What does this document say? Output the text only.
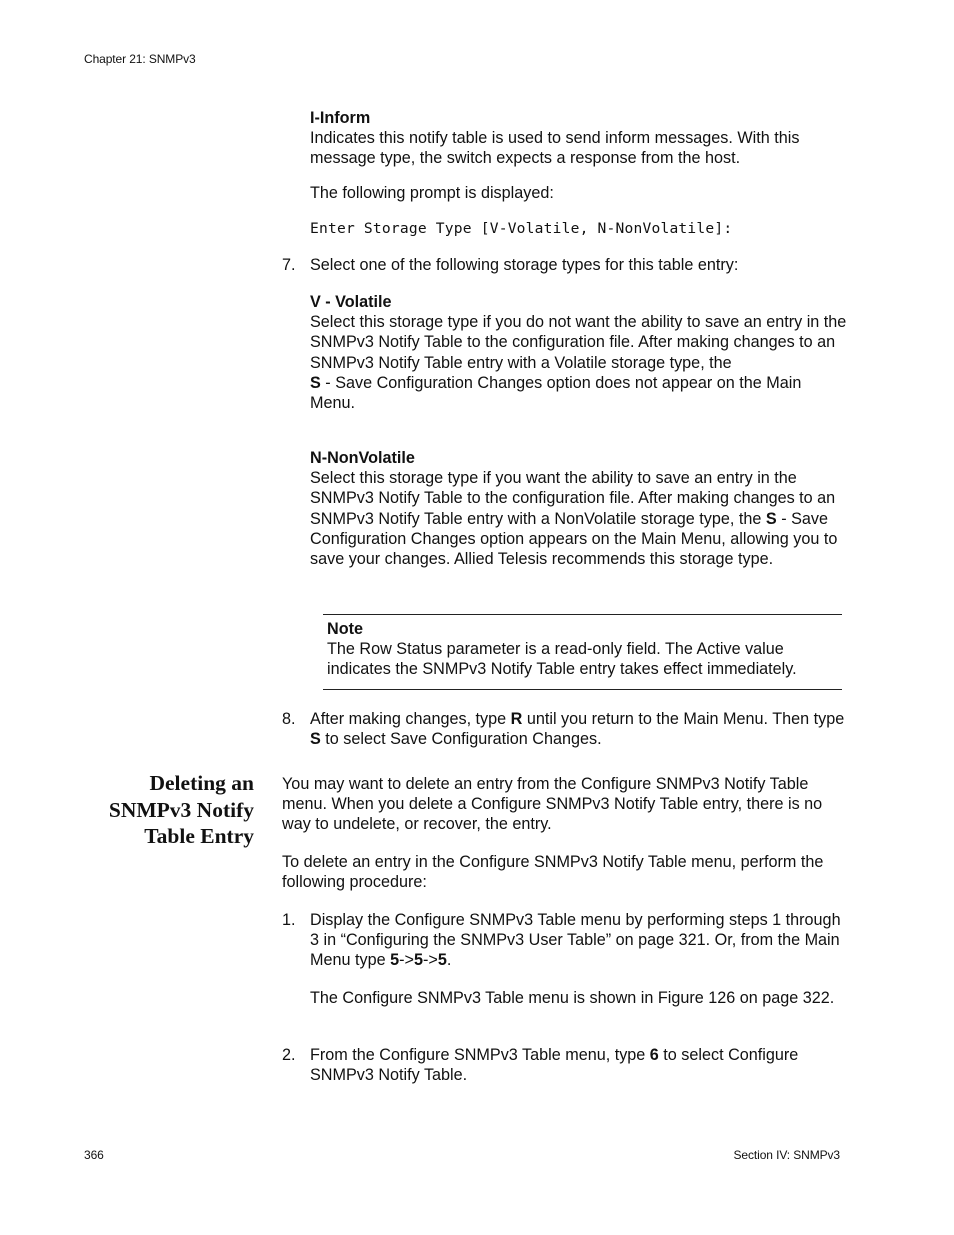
Chapter 21: SNMPv3
I-Inform
Indicates this notify table is used to send inform messages. With this message type, the switch expects a response from the host.
The following prompt is displayed:
Enter Storage Type [V-Volatile, N-NonVolatile]:
7. Select one of the following storage types for this table entry:
V - Volatile
Select this storage type if you do not want the ability to save an entry in the SNMPv3 Notify Table to the configuration file. After making changes to an SNMPv3 Notify Table entry with a Volatile storage type, the
S - Save Configuration Changes option does not appear on the Main Menu.
N-NonVolatile
Select this storage type if you want the ability to save an entry in the SNMPv3 Notify Table to the configuration file. After making changes to an SNMPv3 Notify Table entry with a NonVolatile storage type, the S - Save Configuration Changes option appears on the Main Menu, allowing you to save your changes. Allied Telesis recommends this storage type.
Note
The Row Status parameter is a read-only field. The Active value indicates the SNMPv3 Notify Table entry takes effect immediately.
8. After making changes, type R until you return to the Main Menu. Then type S to select Save Configuration Changes.
Deleting an
SNMPv3 Notify
Table Entry
You may want to delete an entry from the Configure SNMPv3 Notify Table menu. When you delete a Configure SNMPv3 Notify Table entry, there is no way to undelete, or recover, the entry.
To delete an entry in the Configure SNMPv3 Notify Table menu, perform the following procedure:
1. Display the Configure SNMPv3 Table menu by performing steps 1 through 3 in “Configuring the SNMPv3 User Table” on page 321. Or, from the Main Menu type 5->5->5.
The Configure SNMPv3 Table menu is shown in Figure 126 on page 322.
2. From the Configure SNMPv3 Table menu, type 6 to select Configure SNMPv3 Notify Table.
366	Section IV: SNMPv3
